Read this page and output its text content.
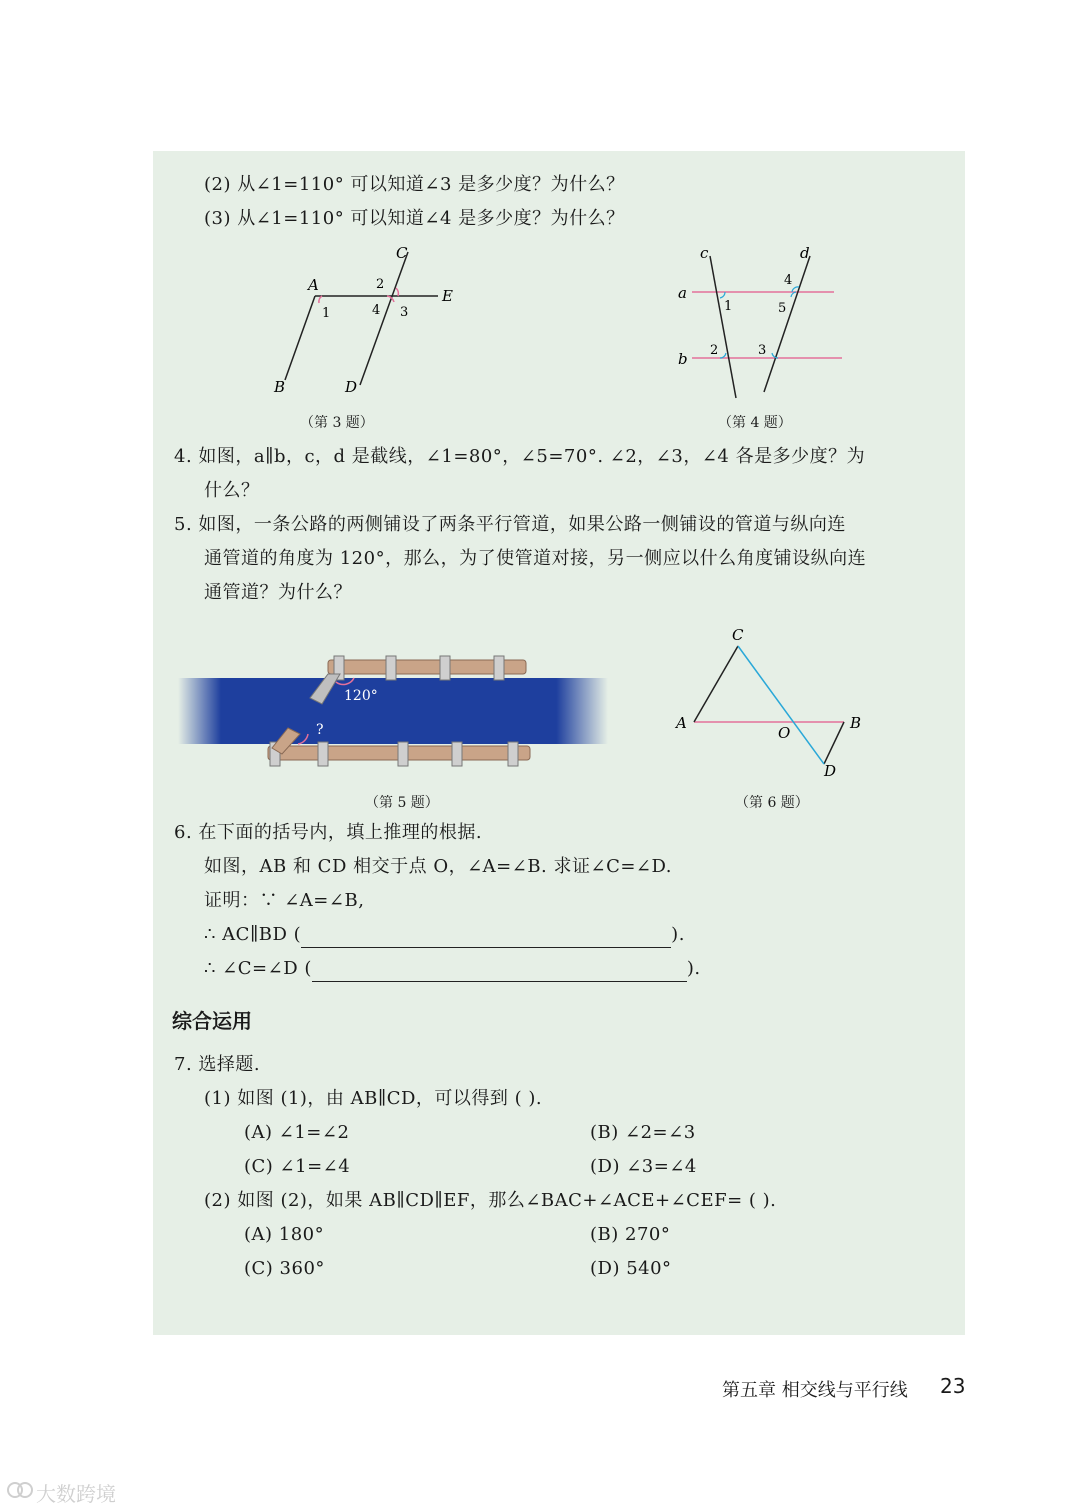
(2) 从∠1=110° 可以知道∠3 是多少度？为什么？
(3) 从∠1=110° 可以知道∠4 是多少度？为什么？
A
B
C
D
E
1
2
3
4
（第 3 题）
a
b
c	d
1
2	3
4
5
（第 4 题）
4. 如图，a∥b，c，d 是截线，∠1=80°，∠5=70°. ∠2，∠3，∠4 各是多少度？为
什么？
5. 如图，一条公路的两侧铺设了两条平行管道，如果公路一侧铺设的管道与纵向连
通管道的角度为 120°，那么，为了使管道对接，另一侧应以什么角度铺设纵向连
通管道？为什么？
120°
?
（第 5 题）
C
A	B
D
O
（第 6 题）
6. 在下面的括号内，填上推理的根据.
如图，AB 和 CD 相交于点 O，∠A=∠B. 求证∠C=∠D.
证明：∵ ∠A=∠B,
∴ AC∥BD (	).
∴ ∠C=∠D (	).
综合运用
7. 选择题.
(1) 如图 (1)，由 AB∥CD，可以得到 ( ).
(A) ∠1=∠2	(B) ∠2=∠3
(C) ∠1=∠4	(D) ∠3=∠4
(2) 如图 (2)，如果 AB∥CD∥EF，那么∠BAC+∠ACE+∠CEF= ( ).
(A) 180°	(B) 270°
(C) 360°	(D) 540°
第五章 相交线与平行线 23
大数跨境
